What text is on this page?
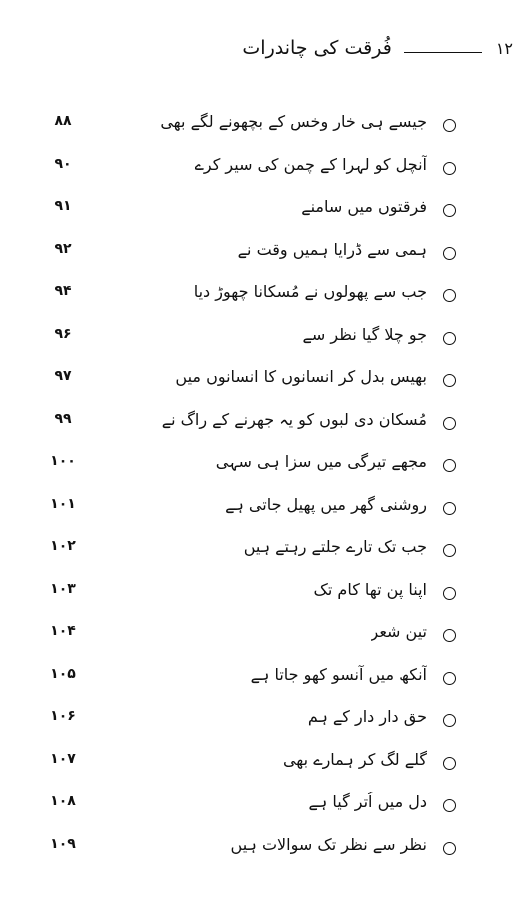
۱۲
فُرقت کی چاندرات
جیسے ہی خار وخس کے بچھونے لگے بھی
۸۸
آنچل کو لہرا کے چمن کی سیر کرے
۹۰
فرقتوں میں سامنے
۹۱
ہمی سے ڈرایا ہمیں وقت نے
۹۲
جب سے پھولوں نے مُسکانا چھوڑ دیا
۹۴
جو چلا گیا نظر سے
۹۶
بھیس بدل کر انسانوں کا انسانوں میں
۹۷
مُسکان دی لبوں کو یہ جھرنے کے راگ نے
۹۹
مجھے تیرگی میں سزا ہی سہی
۱۰۰
روشنی گھر میں پھیل جاتی ہے
۱۰۱
جب تک تارے جلتے رہتے ہیں
۱۰۲
اپنا پن تھا کام تک
۱۰۳
تین شعر
۱۰۴
آنکھ میں آنسو کھو جاتا ہے
۱۰۵
حق دار دار کے ہم
۱۰۶
گلے لگ کر ہمارے بھی
۱۰۷
دل میں اُتر گیا ہے
۱۰۸
نظر سے نظر تک سوالات ہیں
۱۰۹
